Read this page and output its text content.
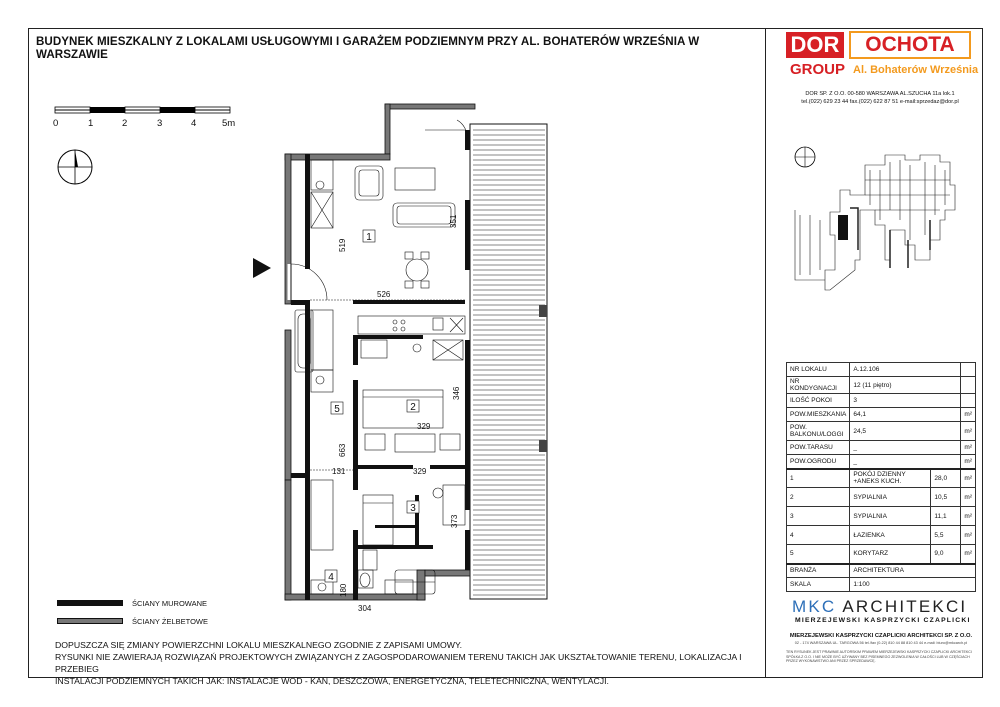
BUDYNEK MIESZKALNY Z LOKALAMI USŁUGOWYMI I GARAŻEM PODZIEMNYM PRZY AL. BOHATERÓW WRZEŚNIA W WARSZAWIE	DOR	OCHOTA
GROUP Al. Bohaterów Września
DOR SP. Z O.O. 00-580 WARSZAWA AL.SZUCHA 11a lok.1
tel.(022) 629 23 44 fax.(022) 622 87 51 e-mail:sprzedaz@dor.pl
0	1	2	3	4	5m
1
2
3
4
5
519
526
351
346
329
663
131	329
373
180
304
ŚCIANY MUROWANE
ŚCIANY ŻELBETOWE
DOPUSZCZA SIĘ ZMIANY POWIERZCHNI LOKALU MIESZKALNEGO ZGODNIE Z ZAPISAMI UMOWY.
RYSUNKI NIE ZAWIERAJĄ ROZWIĄZAŃ PROJEKTOWYCH ZWIĄZANYCH Z ZAGOSPODAROWANIEM TERENU TAKICH JAK UKSZTAŁTOWANIE TERENU, LOKALIZACJA I PRZEBIEG
INSTALACJI PODZIEMNYCH TAKICH JAK: INSTALACJE WOD - KAN, DESZCZOWA, ENERGETYCZNA, TELETECHNICZNA, WENTYLACJI.
NR LOKALU	A.12.106		
NR KONDYGNACJI	12 (11 piętro)		
ILOŚĆ POKOI	3		
POW.MIESZKANIA	64,1		m²
POW. BALKONU/LOGGI	24,5		m²
POW.TARASU	_		m²
POW.OGRODU	_		m²
1	POKÓJ DZIENNY +ANEKS KUCH.	28,0	m²
2	SYPIALNIA	10,5	m²
3	SYPIALNIA	11,1	m²
4	ŁAZIENKA	5,5	m²
5	KORYTARZ	9,0	m²
BRANŻA	ARCHITEKTURA		
SKALA	1:100		
MKC ARCHITEKCI
MIERZEJEWSKI KASPRZYCKI CZAPLICKI
MIERZEJEWSKI KASPRZYCKI CZAPLICKI ARCHITEKCI SP. Z O.O.
02 - 174 WARSZAWA UL. TARGOWA 56 tel./fax (0-22) 810 44 88 810 43 44 e-mail: biuro@mkcarch.pl
TEN RYSUNEK JEST PRAWNIE AUTORSKIM PRAWEM MIERZEJEWSKI KASPRZYCKI CZAPLICKI ARCHITEKCI SPÓŁKA Z O.O. I NIE MOŻE BYĆ UŻYWANY BEZ PISEMNEGO ZEZWOLENIA W CAŁOŚCI LUB W CZĘŚCIACH PRZEZ WYKONAWSTWO ANI PRZEZ SPRZEDAWCĘ.
